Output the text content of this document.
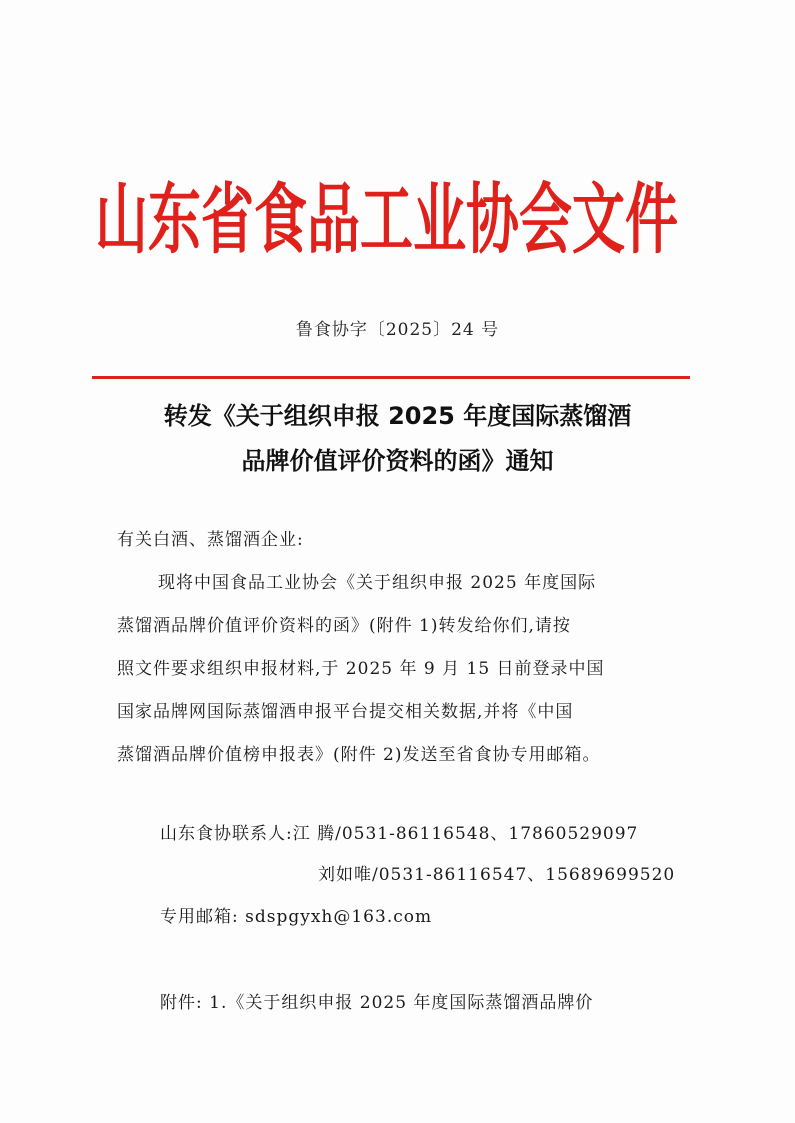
山东省食品工业协会文件
鲁食协字〔2025〕24 号
转发《关于组织申报 2025 年度国际蒸馏酒
品牌价值评价资料的函》通知
有关白酒、蒸馏酒企业:
现将中国食品工业协会《关于组织申报 2025 年度国际
蒸馏酒品牌价值评价资料的函》(附件 1)转发给你们,请按
照文件要求组织申报材料,于 2025 年 9 月 15 日前登录中国
国家品牌网国际蒸馏酒申报平台提交相关数据,并将《中国
蒸馏酒品牌价值榜申报表》(附件 2)发送至省食协专用邮箱。
山东食协联系人:江 腾/0531-86116548、17860529097
刘如唯/0531-86116547、15689699520
专用邮箱: sdspgyxh@163.com
附件: 1.《关于组织申报 2025 年度国际蒸馏酒品牌价
